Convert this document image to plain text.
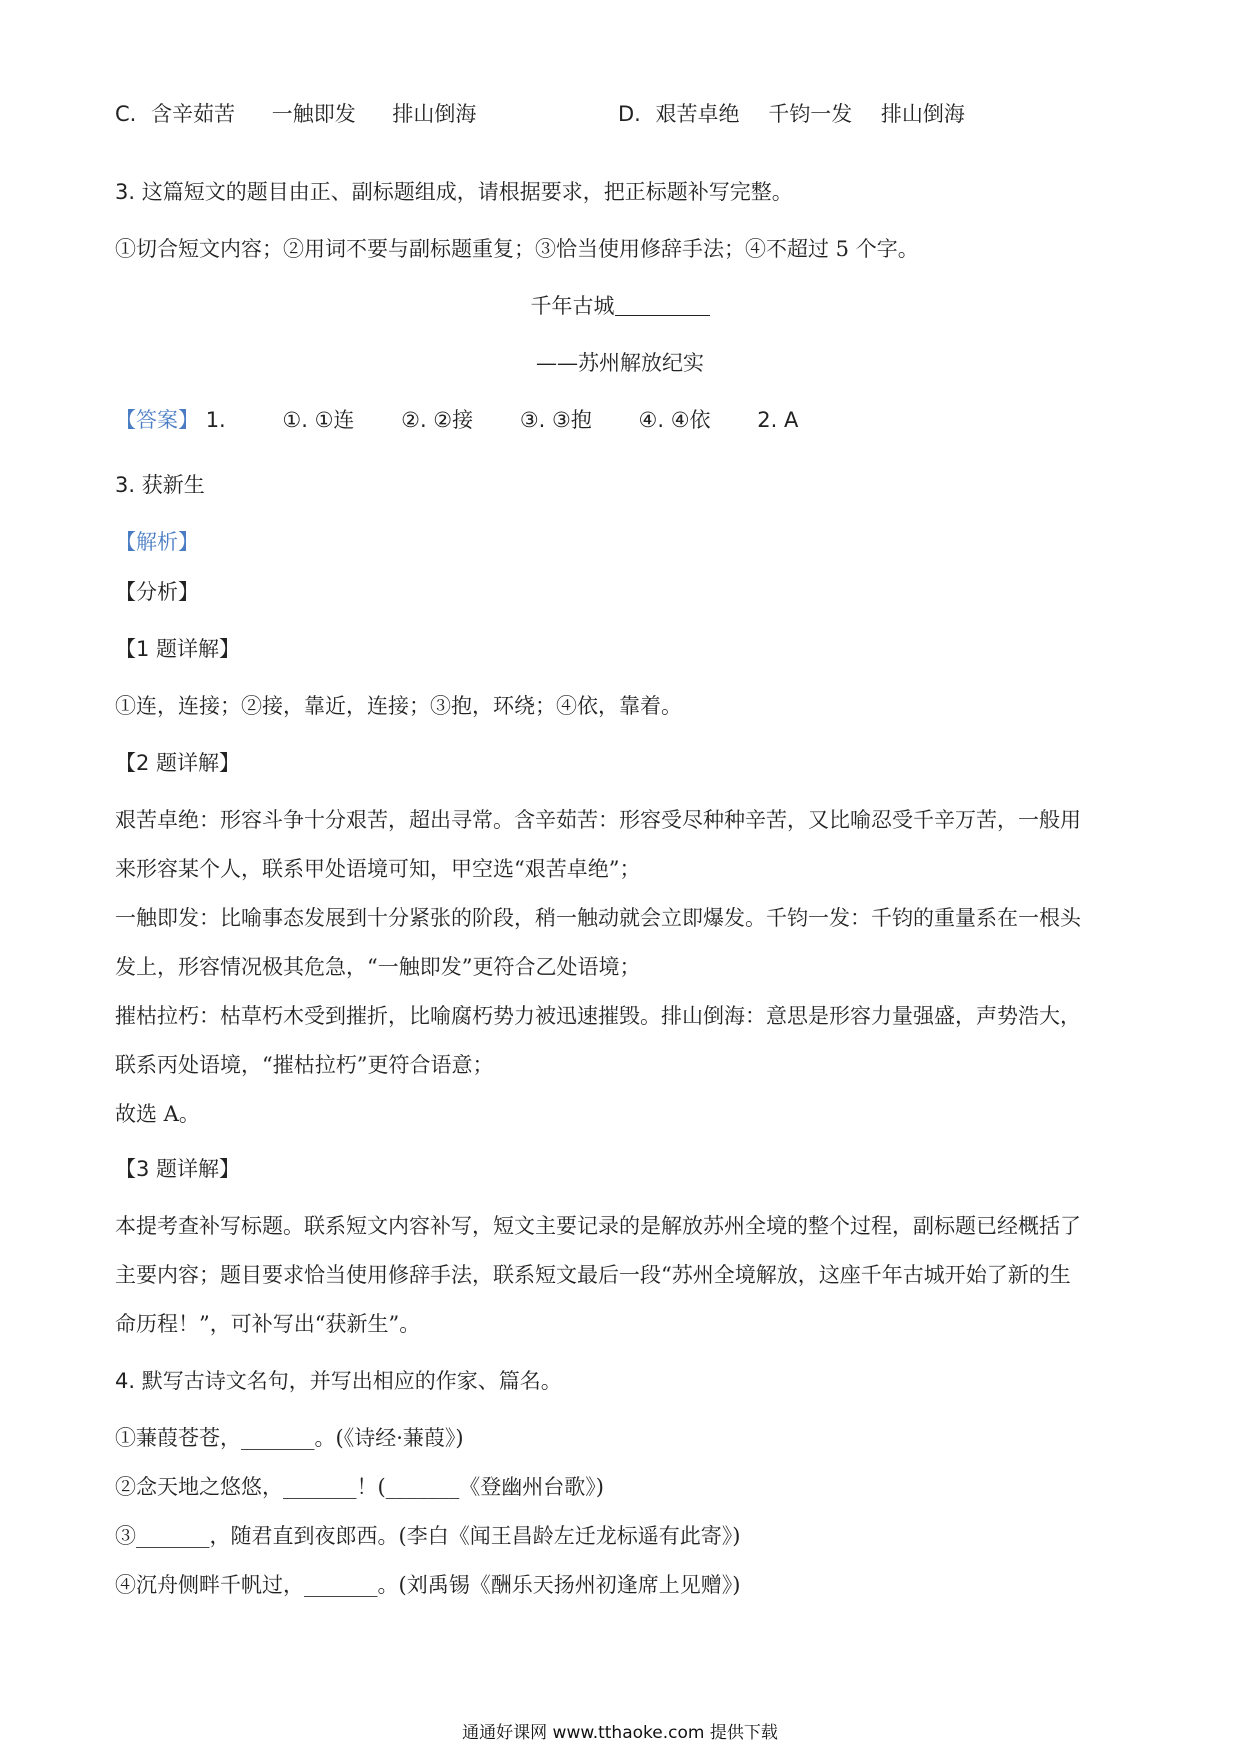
C. 含辛茹苦 一触即发 排山倒海	D. 艰苦卓绝 千钧一发 排山倒海
3. 这篇短文的题目由正、副标题组成，请根据要求，把正标题补写完整。
①切合短文内容；②用词不要与副标题重复；③恰当使用修辞手法；④不超过 5 个字。
千年古城
——苏州解放纪实
【答案】 1.	①. ①连 ②. ②接 ③. ③抱 ④. ④依 2. A
3. 获新生
【解析】
【分析】
【1 题详解】
①连，连接；②接，靠近，连接；③抱，环绕；④依，靠着。
【2 题详解】
艰苦卓绝：形容斗争十分艰苦，超出寻常。含辛茹苦：形容受尽种种辛苦，又比喻忍受千辛万苦，一般用
来形容某个人，联系甲处语境可知，甲空选“艰苦卓绝”；
一触即发：比喻事态发展到十分紧张的阶段，稍一触动就会立即爆发。千钧一发：千钧的重量系在一根头
发上，形容情况极其危急，“一触即发”更符合乙处语境；
摧枯拉朽：枯草朽木受到摧折，比喻腐朽势力被迅速摧毁。排山倒海：意思是形容力量强盛，声势浩大，
联系丙处语境，“摧枯拉朽”更符合语意；
故选 A。
【3 题详解】
本提考查补写标题。联系短文内容补写，短文主要记录的是解放苏州全境的整个过程，副标题已经概括了
主要内容；题目要求恰当使用修辞手法，联系短文最后一段“苏州全境解放，这座千年古城开始了新的生
命历程！”，可补写出“获新生”。
4. 默写古诗文名句，并写出相应的作家、篇名。
①蒹葭苍苍，_______。(《诗经·蒹葭》)
②念天地之悠悠，_______！(_______《登幽州台歌》)
③_______，随君直到夜郎西。(李白《闻王昌龄左迁龙标遥有此寄》)
④沉舟侧畔千帆过，_______。(刘禹锡《酬乐天扬州初逢席上见赠》)
通通好课网 www.tthaoke.com 提供下载
